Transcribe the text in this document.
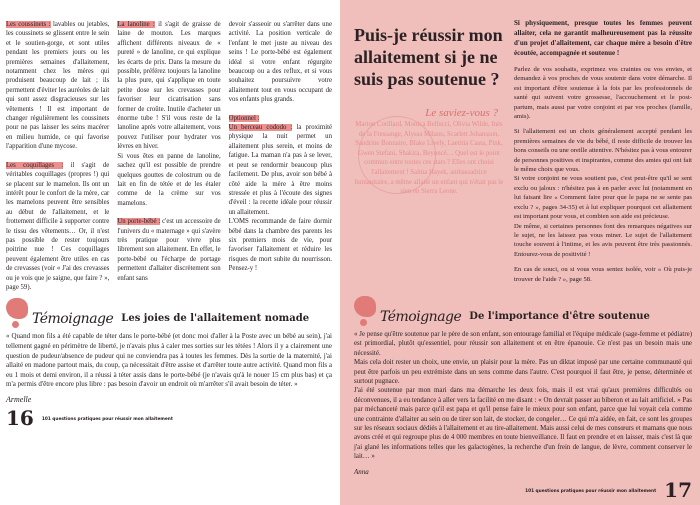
Les coussinets : lavables ou jetables, les coussinets se glissent entre le sein et le soutien-gorge, et sont utiles pendant les premiers jours ou les premières semaines d'allaitement, notamment chez les mères qui produisent beaucoup de lait ; ils permettent d'éviter les auréoles de lait qui sont assez disgracieuses sur les vêtements ! Il est important de changer régulièrement les coussinets pour ne pas laisser les seins macérer en milieu humide, ce qui favorise l'apparition d'une mycose.

Les coquillages : il s'agit de véritables coquillages (propres !) qui se placent sur le mamelon. Ils ont un intérêt pour le confort de la mère, car les mamelons peuvent être sensibles au début de l'allaitement, et le frottement difficile à supporter contre le tissu des vêtements… Or, il n'est pas possible de rester toujours poitrine nue ! Ces coquillages peuvent également être utiles en cas de crevasses (voir « J'ai des crevasses ou je vois que je saigne, que faire ? », page 59).

La lanoline : il s'agit de graisse de laine de mouton. Les marques affichent différents niveaux de « pureté » de lanoline, ce qui explique les écarts de prix. Dans la mesure du possible, préférez toujours la lanoline la plus pure, qui s'applique en toute petite dose sur les crevasses pour favoriser leur cicatrisation sans former de croûte. Inutile d'acheter un énorme tube ! S'il vous reste de la lanoline après votre allaitement, vous pouvez l'utiliser pour hydrater vos lèvres en hiver.

Si vous êtes en panne de lanoline, sachez qu'il est possible de prendre quelques gouttes de colostrum ou de lait en fin de tétée et de les étaler comme de la crème sur vos mamelons.

Un porte-bébé : c'est un accessoire de l'univers du « maternage » qui s'avère très pratique pour vivre plus librement son allaitement. En effet, le porte-bébé ou l'écharpe de portage permettent d'allaiter discrètement son enfant sans

devoir s'asseoir ou s'arrêter dans une activité. La position verticale de l'enfant le met juste au niveau des seins ! Le porte-bébé est également idéal si votre enfant régurgite beaucoup ou a des reflux, et si vous souhaitez poursuivre votre allaitement tout en vous occupant de vos enfants plus grands.

Optionnel :
Un berceau cododo : la proximité physique la nuit permet un allaitement plus serein, et moins de fatigue. La maman n'a pas à se lever, et peut se rendormir beaucoup plus facilement. De plus, avoir son bébé à côté aide la mère à être moins stressée et plus à l'écoute des signes d'éveil : la recette idéale pour réussir un allaitement.

L'OMS recommande de faire dormir bébé dans la chambre des parents les six premiers mois de vie, pour favoriser l'allaitement et réduire les risques de mort subite du nourrisson. Pensez-y !

Témoignage Les joies de l'allaitement nomade
« Quand mon fils a été capable de téter dans le porte-bébé (et donc moi d'aller à la Poste avec un bébé au sein), j'ai tellement gagné en périmètre de liberté, je n'avais plus à caler mes sorties sur les tétées ! Alors il y a clairement une question de pudeur/absence de pudeur qui ne conviendra pas à toutes les femmes. Dès la sortie de la maternité, j'ai allaité en madone partout mais, du coup, ça nécessitait d'être assise et d'arrêter toute autre activité. Quand mon fils a eu 1 mois et demi environ, il a réussi à téter assis dans le porte-bébé (je n'avais qu'à le nouer 15 cm plus bas) et ça m'a permis d'être encore plus libre : pas besoin d'avoir un endroit où m'arrêter s'il avait besoin de téter. »
Armelle
16 101 questions pratiques pour réussir mon allaitement
Puis-je réussir mon allaitement si je ne suis pas soutenue ?
Le saviez-vous ?
Marion Cotillard, Monica Bellucci, Olivia Wilde, Inès de la Fressange, Alyssa Milano, Scarlett Johansson, Sandrine Bonnaire, Blake Lively, Laetitia Casta, Pink, Gwen Stefani, Shakira, Beyoncé… Quel est le point commun entre toutes ces stars ? Elles ont choisi l'allaitement ! Salma Hayek, ambassadrice humanitaire, a même allaité un enfant qui n'était pas le sien en Sierra Leone.

Si physiquement, presque toutes les femmes peuvent allaiter, cela ne garantit malheureusement pas la réussite d'un projet d'allaitement, car chaque mère a besoin d'être écoutée, accompagnée et soutenue !

Parlez de vos souhaits, exprimez vos craintes ou vos envies, et demandez à vos proches de vous soutenir dans votre démarche. Il est important d'être soutenue à la fois par les professionnels de santé qui suivent votre grossesse, l'accouchement et le post-partum, mais aussi par votre conjoint et par vos proches (famille, amis).

Si l'allaitement est un choix généralement accepté pendant les premières semaines de vie du bébé, il reste difficile de trouver les bons conseils ou une oreille attentive. N'hésitez pas à vous entourer de personnes positives et inspirantes, comme des amies qui ont fait le même choix que vous.

Si votre conjoint ne vous soutient pas, c'est peut-être qu'il se sent exclu ou jaloux : n'hésitez pas à en parler avec lui (notamment en lui faisant lire « Comment faire pour que le papa ne se sente pas exclu ? », pages 34-35) et à lui expliquer pourquoi cet allaitement est important pour vous, et combien son aide est précieuse.

De même, si certaines personnes font des remarques négatives sur le sujet, ne les laissez pas vous miner. Le sujet de l'allaitement touche souvent à l'intime, et les avis peuvent être très passionnés. Entourez-vous de positivité !

En cas de souci, ou si vous vous sentez isolée, voir « Où puis-je trouver de l'aide ? », page 58.

Témoignage De l'importance d'être soutenue
« Je pense qu'être soutenue par le père de son enfant, son entourage familial et l'équipe médicale (sage-femme et pédiatre) est primordial, plutôt qu'essentiel, pour réussir son allaitement et en être épanouie. Ce n'est pas un besoin mais une nécessité.
Mais cela doit rester un choix, une envie, un plaisir pour la mère. Pas un diktat imposé par une certaine communauté qui peut être parfois un peu extrémiste dans un sens comme dans l'autre. C'est pourquoi il faut être, je pense, déterminée et surtout pugnace.
J'ai été soutenue par mon mari dans ma démarche les deux fois, mais il est vrai qu'aux premières difficultés ou déconvenues, il a eu tendance à aller vers la facilité en me disant : « On devrait passer au biberon et au lait artificiel. » Pas par méchanceté mais parce qu'il est papa et qu'il pense faire le mieux pour son enfant, parce que lui voyait cela comme une contrainte d'allaiter au sein ou de tirer son lait, de stocker, de congeler… Ce qui m'a aidée, en fait, ce sont les groupes sur les réseaux sociaux dédiés à l'allaitement et au tire-allaitement. Mais aussi celui de mes consœurs et mamans que nous avons créé et qui regroupe plus de 4 000 membres en toute bienveillance. Il faut en prendre et en laisser, mais c'est là que j'ai glané les informations telles que les galactogènes, la recherche d'un frein de langue, de lèvre, comment conserver le lait… »
Anna
101 questions pratiques pour réussir mon allaitement 17
